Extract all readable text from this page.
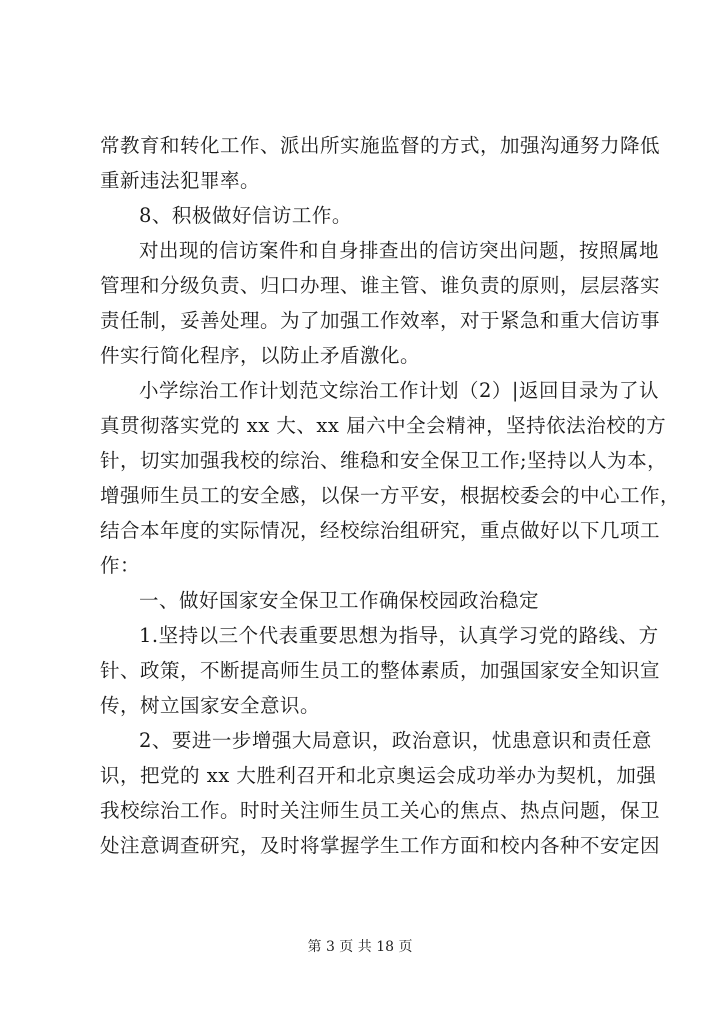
常教育和转化工作、派出所实施监督的方式，加强沟通努力降低
重新违法犯罪率。

8、积极做好信访工作。

对出现的信访案件和自身排查出的信访突出问题，按照属地
管理和分级负责、归口办理、谁主管、谁负责的原则，层层落实
责任制，妥善处理。为了加强工作效率，对于紧急和重大信访事
件实行简化程序，以防止矛盾激化。

小学综治工作计划范文综治工作计划（2）|返回目录为了认
真贯彻落实党的 xx 大、xx 届六中全会精神，坚持依法治校的方
针，切实加强我校的综治、维稳和安全保卫工作;坚持以人为本，
增强师生员工的安全感，以保一方平安，根据校委会的中心工作，
结合本年度的实际情况，经校综治组研究，重点做好以下几项工
作：

一、做好国家安全保卫工作确保校园政治稳定

1.坚持以三个代表重要思想为指导，认真学习党的路线、方
针、政策，不断提高师生员工的整体素质，加强国家安全知识宣
传，树立国家安全意识。

2、要进一步增强大局意识，政治意识，忧患意识和责任意
识，把党的 xx 大胜利召开和北京奥运会成功举办为契机，加强
我校综治工作。时时关注师生员工关心的焦点、热点问题，保卫
处注意调查研究，及时将掌握学生工作方面和校内各种不安定因

第 3 页 共 18 页
